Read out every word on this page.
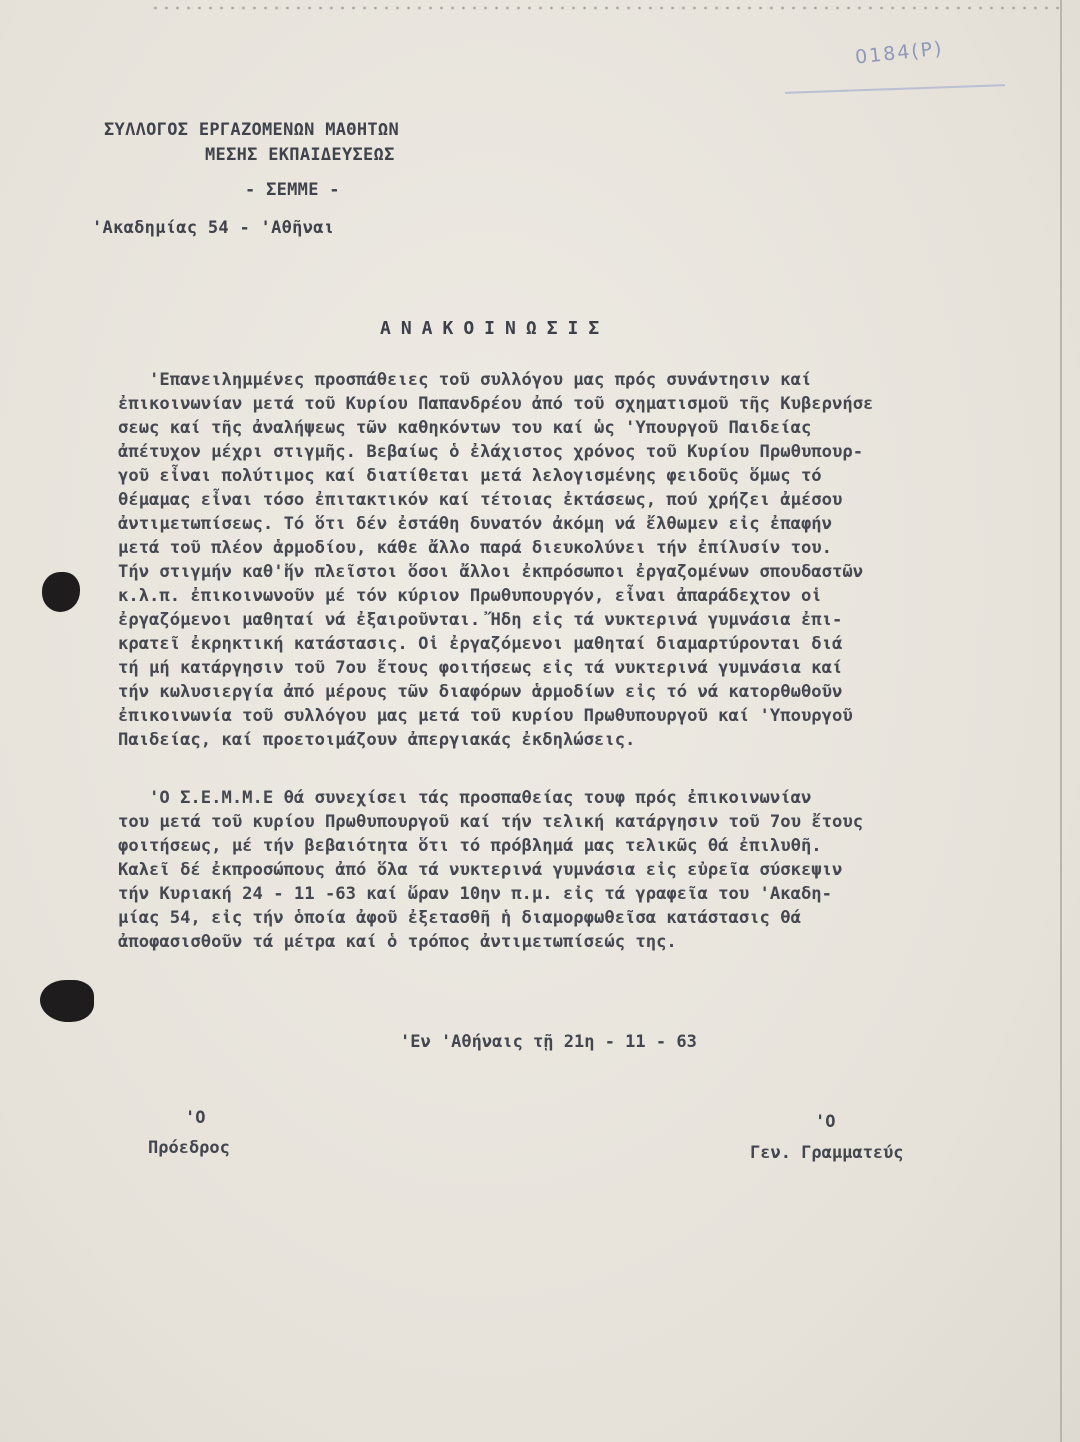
0184(Ρ)
ΣΥΛΛΟΓΟΣ ΕΡΓΑΖΟΜΕΝΩΝ ΜΑΘΗΤΩΝ
ΜΕΣΗΣ ΕΚΠΑΙΔΕΥΣΕΩΣ
- ΣΕΜΜΕ -
'Ακαδημίας 54 - 'Αθῆναι
ΑΝΑΚΟΙΝΩΣΙΣ
'Επανειλημμένες προσπάθειες τοῦ συλλόγου μας πρός συνάντησιν καί
ἐπικοινωνίαν μετά τοῦ Κυρίου Παπανδρέου ἀπό τοῦ σχηματισμοῦ τῆς Κυβερνήσε
σεως καί τῆς ἀναλήψεως τῶν καθηκόντων του καί ὡς 'Υπουργοῦ Παιδείας
ἀπέτυχον μέχρι στιγμῆς. Βεβαίως ὁ ἐλάχιστος χρόνος τοῦ Κυρίου Πρωθυπουρ-
γοῦ εἶναι πολύτιμος καί διατίθεται μετά λελογισμένης φειδοῦς ὅμως τό
θέμαμας εἶναι τόσο ἐπιτακτικόν καί τέτοιας ἐκτάσεως, πού χρήζει ἀμέσου
ἀντιμετωπίσεως. Τό ὅτι δέν ἐστάθη δυνατόν ἀκόμη νά ἔλθωμεν εἰς ἐπαφήν
μετά τοῦ πλέον ἁρμοδίου, κάθε ἄλλο παρά διευκολύνει τήν ἐπίλυσίν του.
Τήν στιγμήν καθ'ἥν πλεῖστοι ὅσοι ἄλλοι ἐκπρόσωποι ἐργαζομένων σπουδαστῶν
κ.λ.π. ἐπικοινωνοῦν μέ τόν κύριον Πρωθυπουργόν, εἶναι ἀπαράδεχτον οἱ
ἐργαζόμενοι μαθηταί νά ἐξαιροῦνται. Ἤδη εἰς τά νυκτερινά γυμνάσια ἐπι-
κρατεῖ ἐκρηκτική κατάστασις. Οἱ ἐργαζόμενοι μαθηταί διαμαρτύρονται διά
τή μή κατάργησιν τοῦ 7ου ἔτους φοιτήσεως εἰς τά νυκτερινά γυμνάσια καί
τήν κωλυσιεργία ἀπό μέρους τῶν διαφόρων ἁρμοδίων εἰς τό νά κατορθωθοῦν
ἐπικοινωνία τοῦ συλλόγου μας μετά τοῦ κυρίου Πρωθυπουργοῦ καί 'Υπουργοῦ
Παιδείας, καί προετοιμάζουν ἀπεργιακάς ἐκδηλώσεις.
'Ο Σ.Ε.Μ.Μ.Ε θά συνεχίσει τάς προσπαθείας τουφ πρός ἐπικοινωνίαν
του μετά τοῦ κυρίου Πρωθυπουργοῦ καί τήν τελική κατάργησιν τοῦ 7ου ἔτους
φοιτήσεως, μέ τήν βεβαιότητα ὅτι τό πρόβλημά μας τελικῶς θά ἐπιλυθῆ.
Καλεῖ δέ ἐκπροσώπους ἀπό ὅλα τά νυκτερινά γυμνάσια εἰς εὐρεῖα σύσκεψιν
τήν Κυριακή 24 - 11 -63 καί ὥραν 10ην π.μ. εἰς τά γραφεῖα του 'Ακαδη-
μίας 54, εἰς τήν ὁποία ἀφοῦ ἐξετασθῆ ἡ διαμορφωθεῖσα κατάστασις θά
ἀποφασισθοῦν τά μέτρα καί ὁ τρόπος ἀντιμετωπίσεώς της.
'Εν 'Αθήναις τῇ 21η - 11 - 63
'Ο
Πρόεδρος
'Ο
Γεν. Γραμματεύς
